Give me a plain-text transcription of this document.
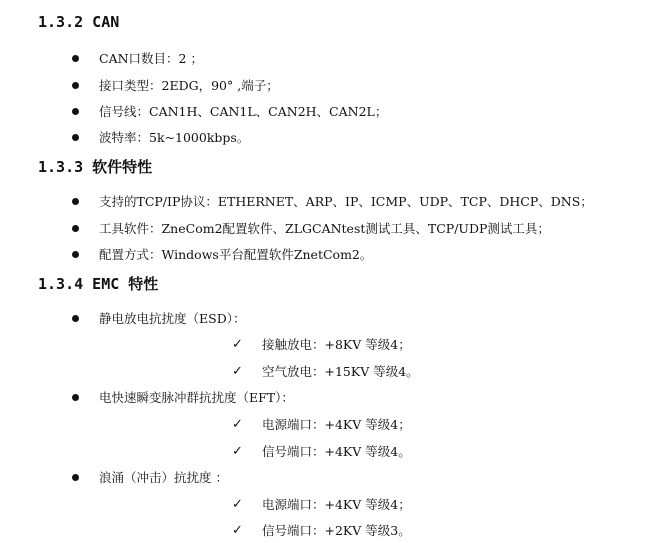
1.3.2 CAN
CAN口数目：2 ；
接口类型：2EDG，90° ,端子；
信号线：CAN1H、CAN1L、CAN2H、CAN2L；
波特率：5k~1000kbps。
1.3.3 软件特性
支持的TCP/IP协议：ETHERNET、ARP、IP、ICMP、UDP、TCP、DHCP、DNS；
工具软件：ZneCom2配置软件、ZLGCANtest测试工具、TCP/UDP测试工具；
配置方式：Windows平台配置软件ZnetCom2。
1.3.4 EMC 特性
静电放电抗扰度（ESD）：
✓ 接触放电：+8KV 等级4；
✓ 空气放电：+15KV 等级4。
电快速瞬变脉冲群抗扰度（EFT）：
✓ 电源端口：+4KV 等级4；
✓ 信号端口：+4KV 等级4。
浪涌（冲击）抗扰度 ：
✓ 电源端口：+4KV 等级4；
✓ 信号端口：+2KV 等级3。
